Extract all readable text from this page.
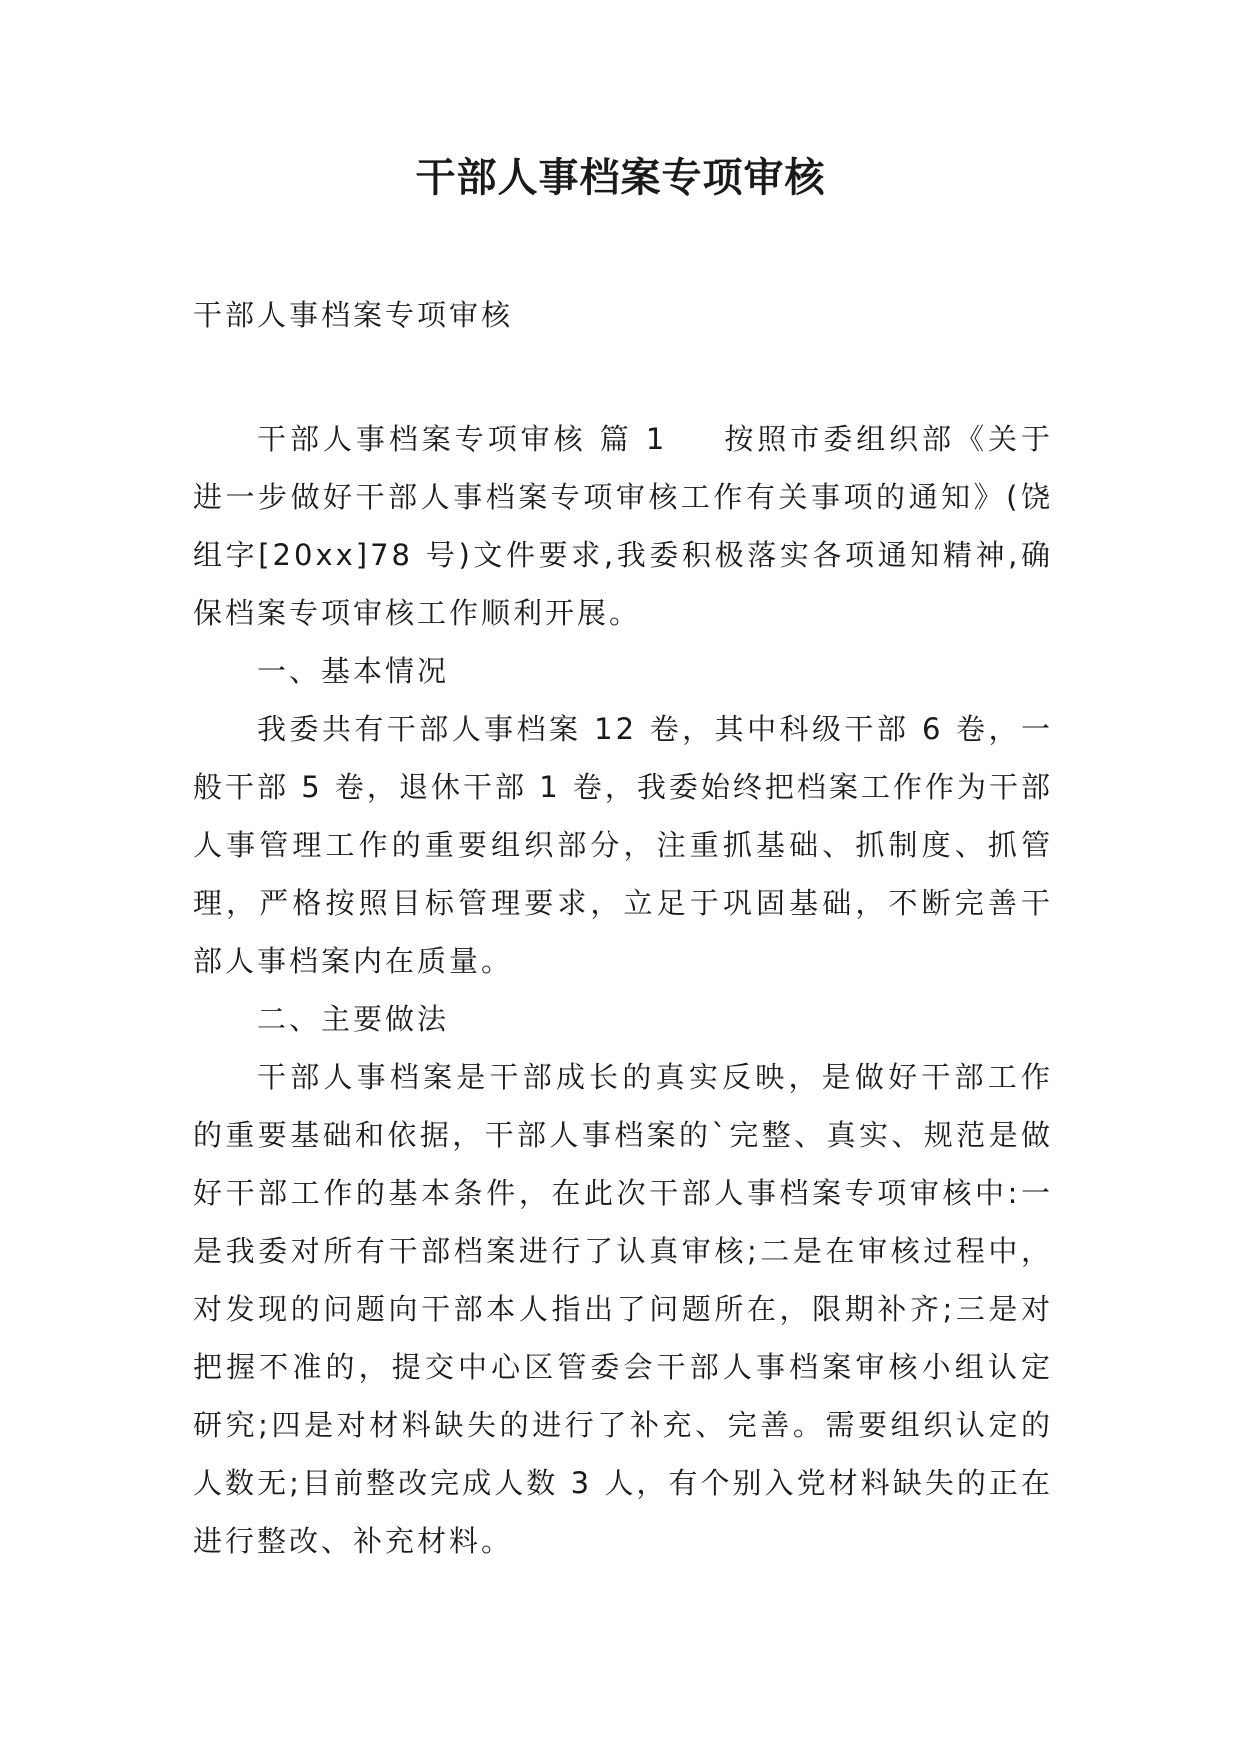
干部人事档案专项审核
干部人事档案专项审核

干部人事档案专项审核 篇 1 按照市委组织部《关于进一步做好干部人事档案专项审核工作有关事项的通知》(饶组字[20xx]78 号)文件要求,我委积极落实各项通知精神,确保档案专项审核工作顺利开展。

一、基本情况

我委共有干部人事档案 12 卷，其中科级干部 6 卷，一般干部 5 卷，退休干部 1 卷，我委始终把档案工作作为干部人事管理工作的重要组织部分，注重抓基础、抓制度、抓管理，严格按照目标管理要求，立足于巩固基础，不断完善干部人事档案内在质量。

二、主要做法

干部人事档案是干部成长的真实反映，是做好干部工作的重要基础和依据，干部人事档案的`完整、真实、规范是做好干部工作的基本条件，在此次干部人事档案专项审核中:一是我委对所有干部档案进行了认真审核;二是在审核过程中，对发现的问题向干部本人指出了问题所在，限期补齐;三是对把握不准的，提交中心区管委会干部人事档案审核小组认定研究;四是对材料缺失的进行了补充、完善。需要组织认定的人数无;目前整改完成人数 3 人，有个别入党材料缺失的正在进行整改、补充材料。
